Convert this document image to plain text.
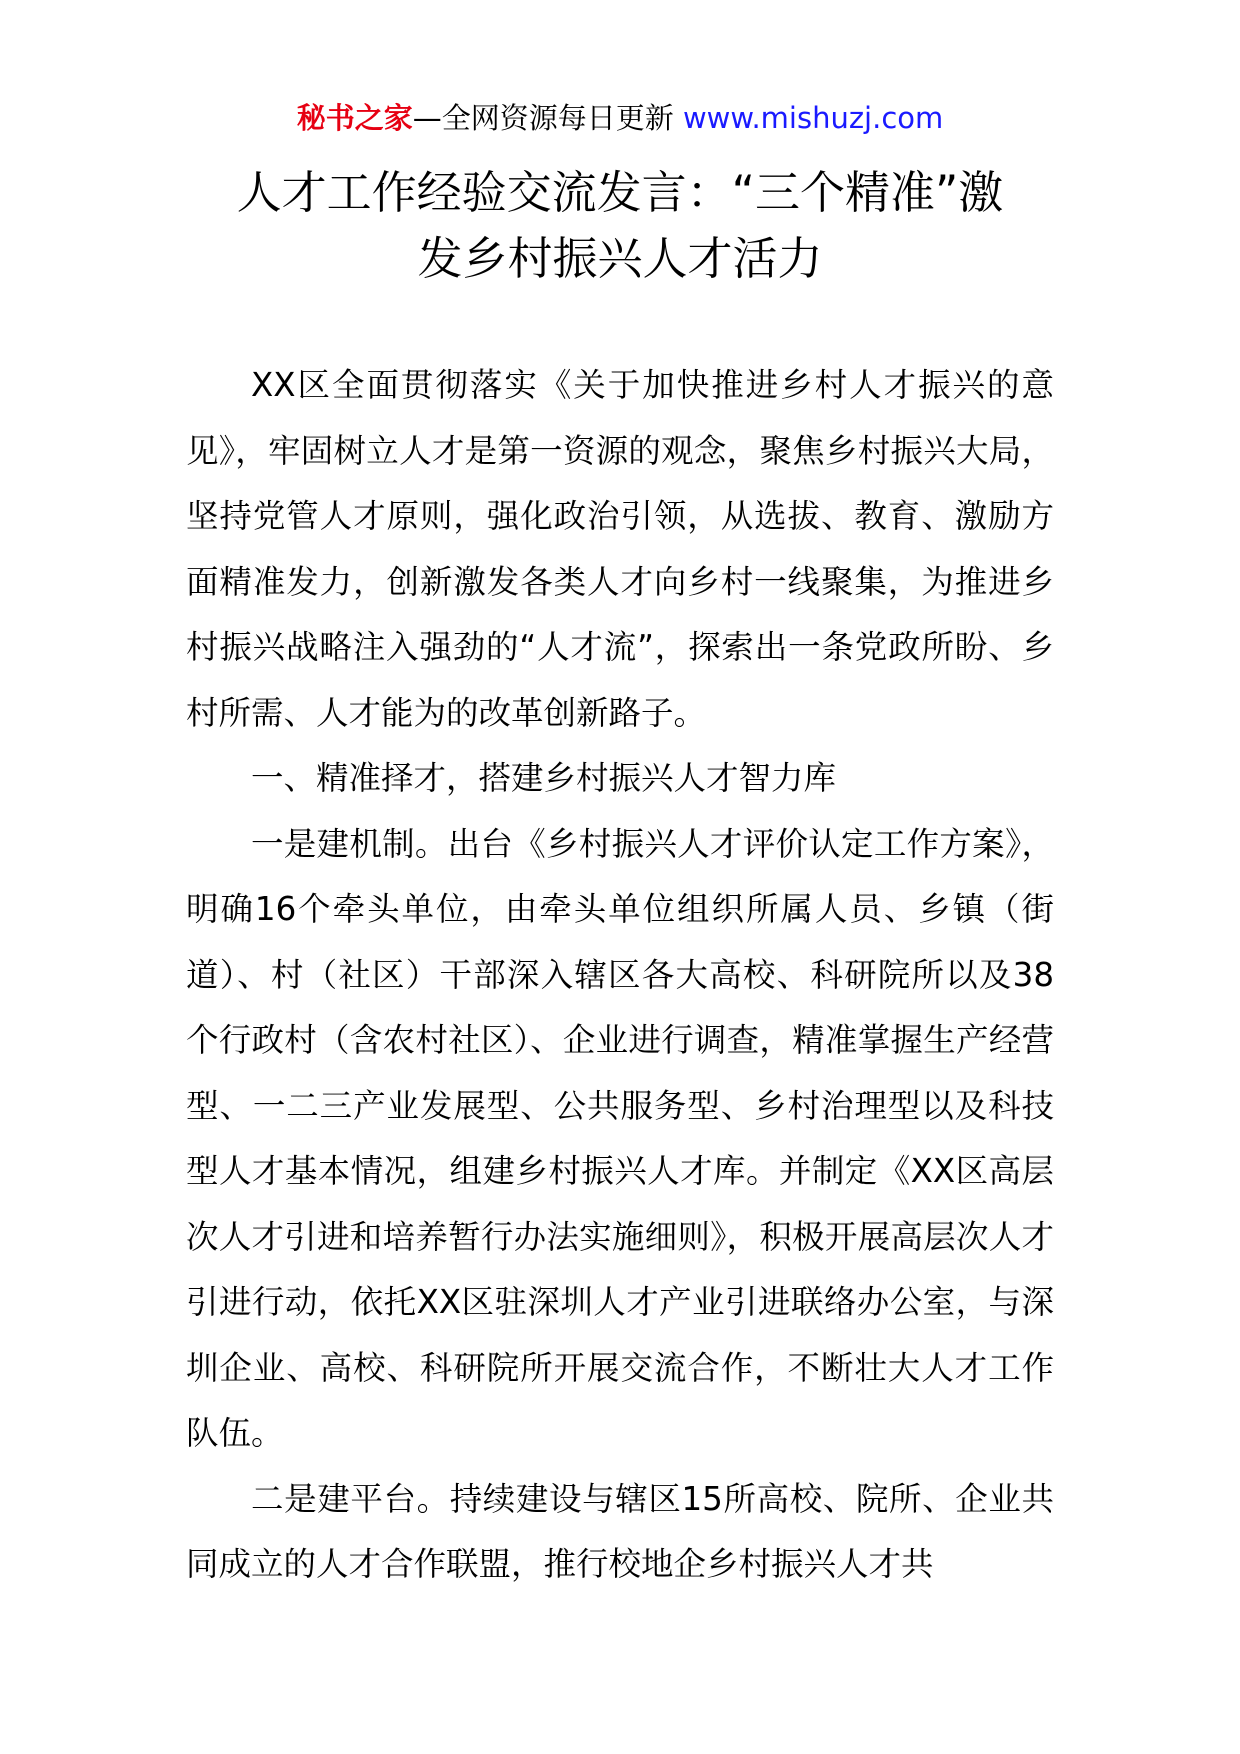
秘书之家—全网资源每日更新 www.mishuzj.com
人才工作经验交流发言：“三个精准”激
发乡村振兴人才活力

XX区全面贯彻落实《关于加快推进乡村人才振兴的意见》，牢固树立人才是第一资源的观念，聚焦乡村振兴大局，坚持党管人才原则，强化政治引领，从选拔、教育、激励方面精准发力，创新激发各类人才向乡村一线聚集，为推进乡村振兴战略注入强劲的“人才流”，探索出一条党政所盼、乡村所需、人才能为的改革创新路子。

一、精准择才，搭建乡村振兴人才智力库

一是建机制。出台《乡村振兴人才评价认定工作方案》，明确16个牵头单位，由牵头单位组织所属人员、乡镇（街道）、村（社区）干部深入辖区各大高校、科研院所以及38个行政村（含农村社区）、企业进行调查，精准掌握生产经营型、一二三产业发展型、公共服务型、乡村治理型以及科技型人才基本情况，组建乡村振兴人才库。并制定《XX区高层次人才引进和培养暂行办法实施细则》，积极开展高层次人才引进行动，依托XX区驻深圳人才产业引进联络办公室，与深圳企业、高校、科研院所开展交流合作，不断壮大人才工作队伍。

二是建平台。持续建设与辖区15所高校、院所、企业共同成立的人才合作联盟，推行校地企乡村振兴人才共
